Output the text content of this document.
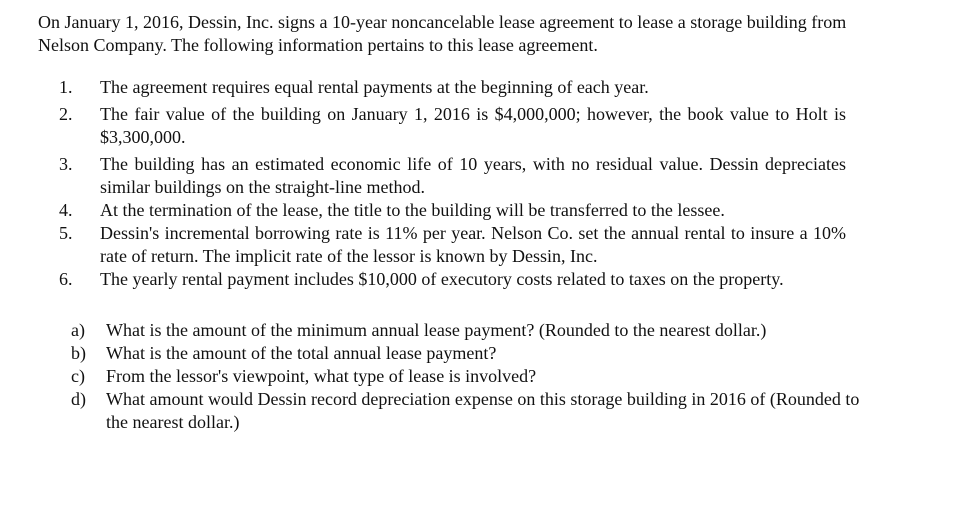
On January 1, 2016, Dessin, Inc. signs a 10-year noncancelable lease agreement to lease a storage building from Nelson Company. The following information pertains to this lease agreement.

1.	The agreement requires equal rental payments at the beginning of each year.
2.	The fair value of the building on January 1, 2016 is $4,000,000; however, the book value to Holt is $3,300,000.
3.	The building has an estimated economic life of 10 years, with no residual value. Dessin depreciates similar buildings on the straight-line method.
4.	At the termination of the lease, the title to the building will be transferred to the lessee.
5.	Dessin's incremental borrowing rate is 11% per year. Nelson Co. set the annual rental to insure a 10% rate of return. The implicit rate of the lessor is known by Dessin, Inc.
6.	The yearly rental payment includes $10,000 of executory costs related to taxes on the property.
a)	What is the amount of the minimum annual lease payment? (Rounded to the nearest dollar.)
b)	What is the amount of the total annual lease payment?
c)	From the lessor's viewpoint, what type of lease is involved?
d)	What amount would Dessin record depreciation expense on this storage building in 2016 of (Rounded to the nearest dollar.)
